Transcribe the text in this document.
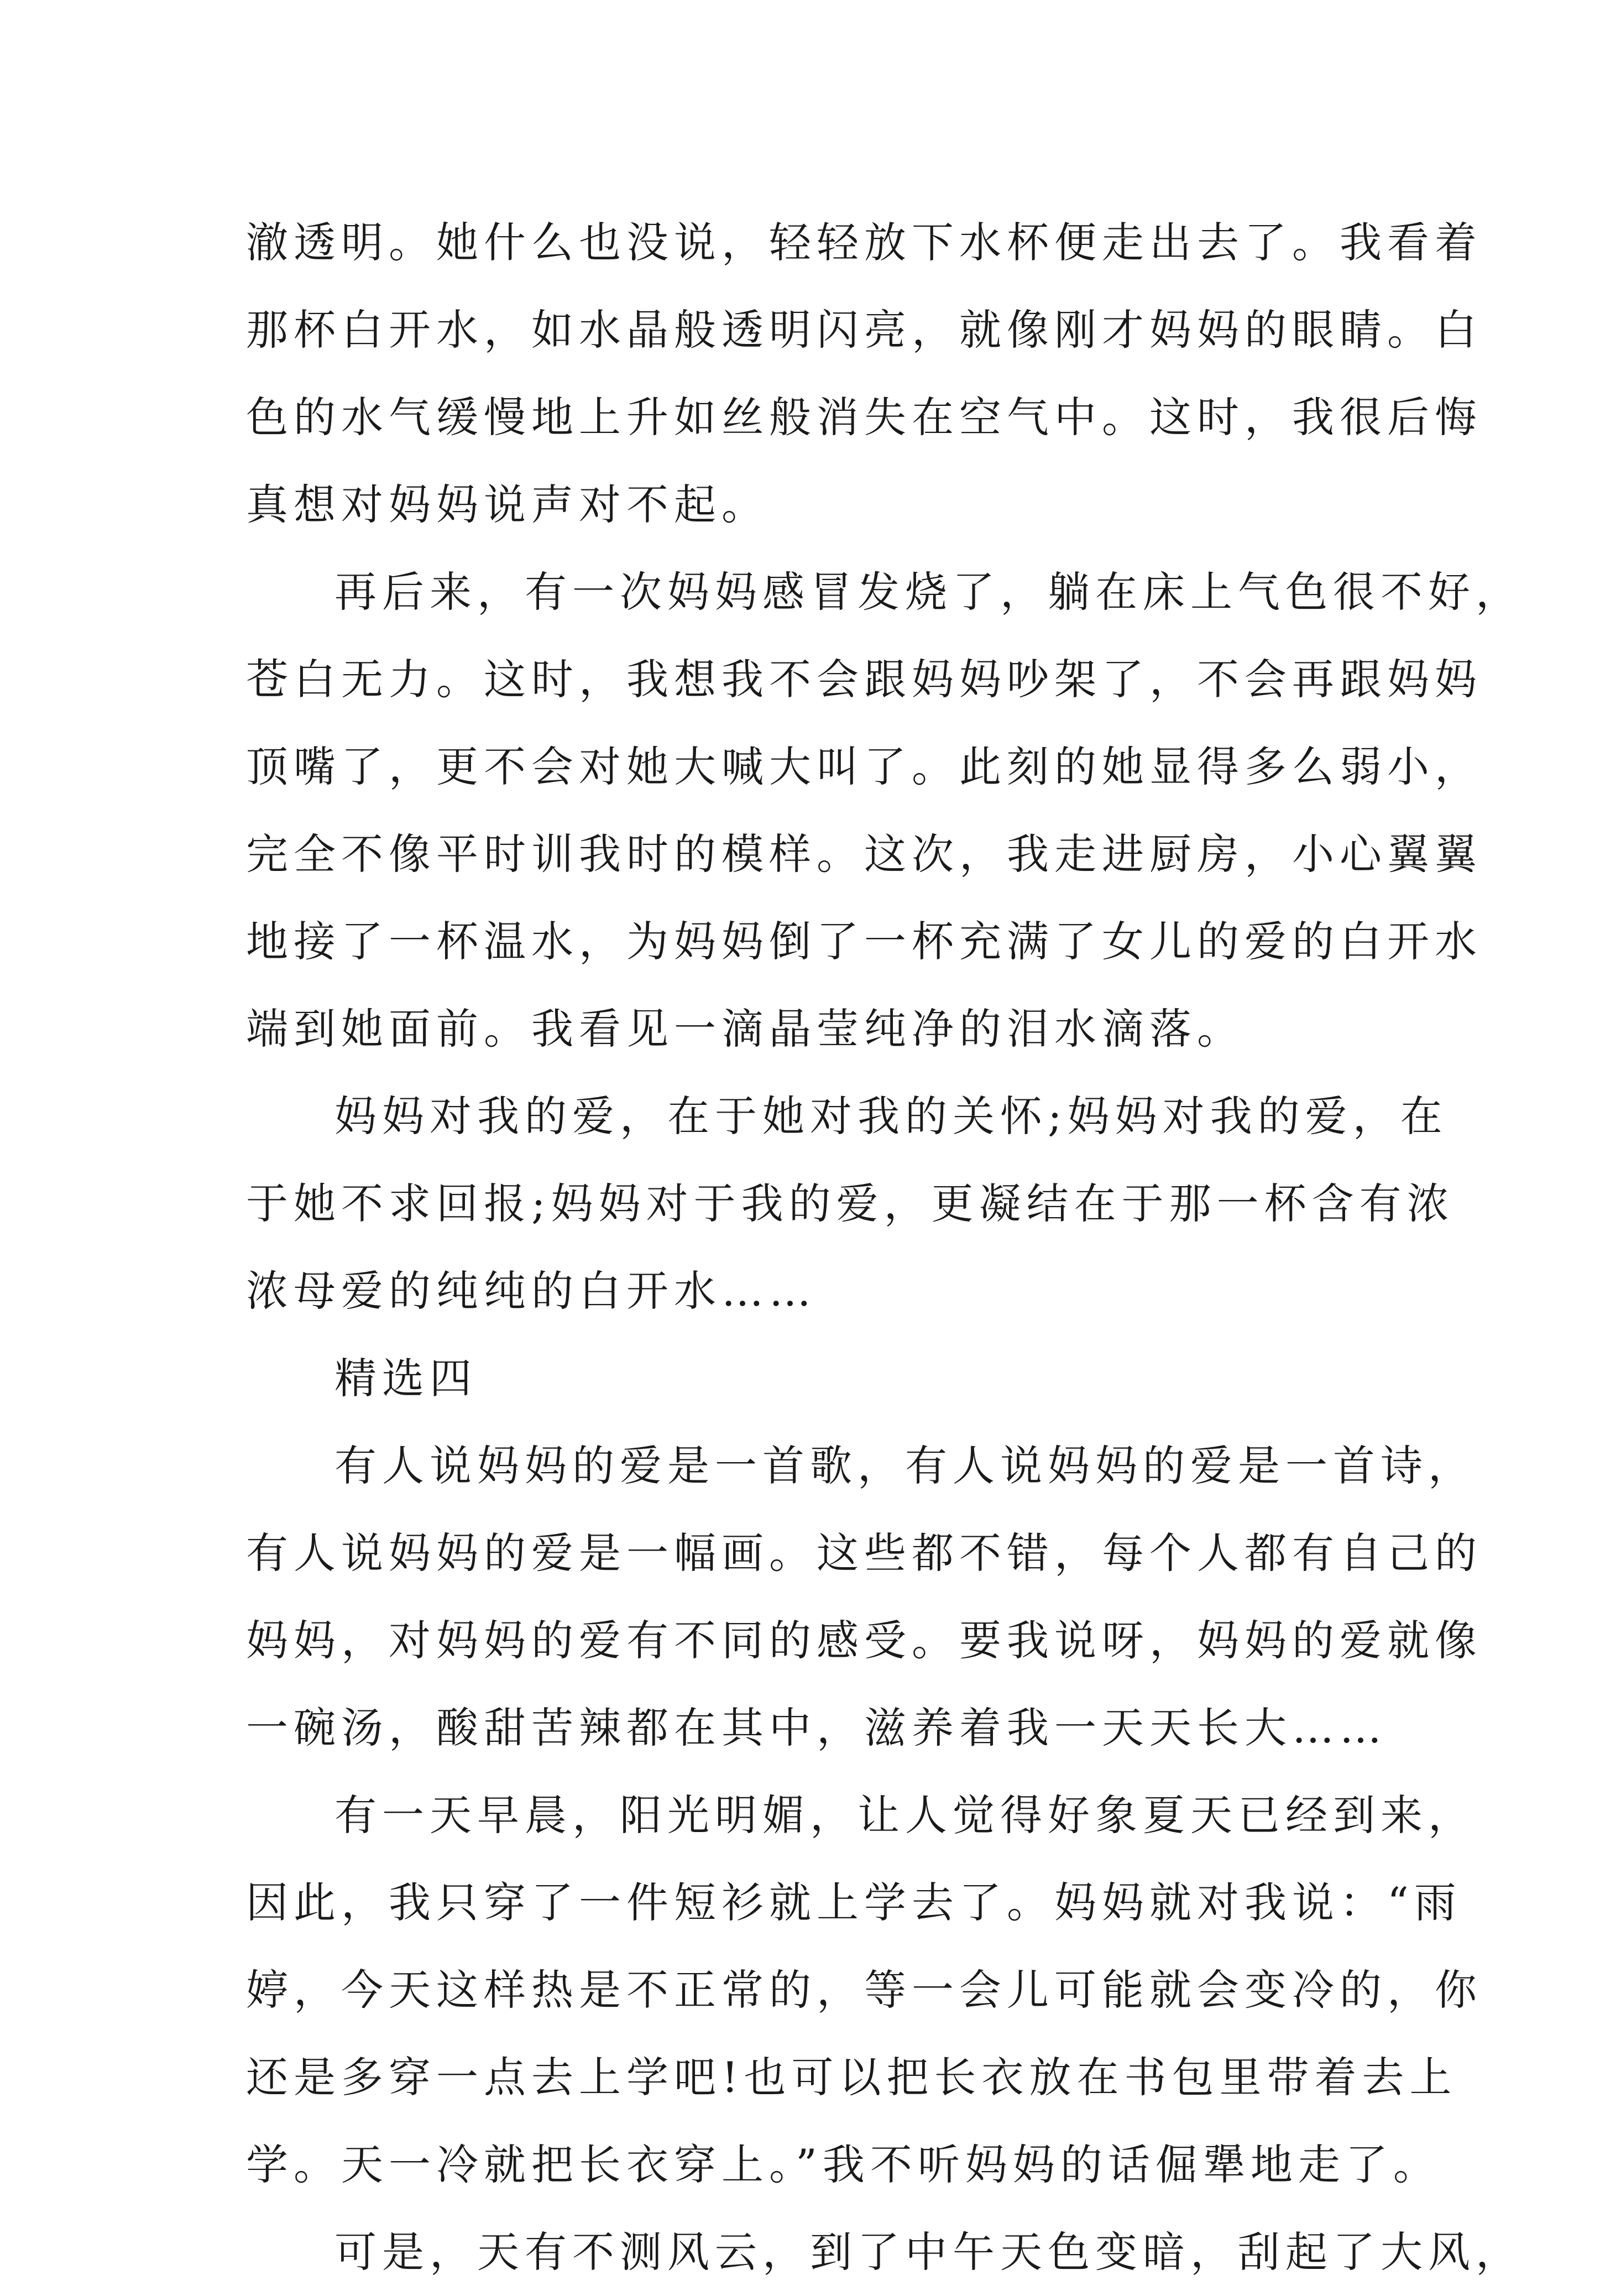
澈透明。她什么也没说，轻轻放下水杯便走出去了。我看着
那杯白开水，如水晶般透明闪亮，就像刚才妈妈的眼睛。白
色的水气缓慢地上升如丝般消失在空气中。这时，我很后悔
真想对妈妈说声对不起。
再后来，有一次妈妈感冒发烧了，躺在床上气色很不好，
苍白无力。这时，我想我不会跟妈妈吵架了，不会再跟妈妈
顶嘴了，更不会对她大喊大叫了。此刻的她显得多么弱小，
完全不像平时训我时的模样。这次，我走进厨房，小心翼翼
地接了一杯温水，为妈妈倒了一杯充满了女儿的爱的白开水
端到她面前。我看见一滴晶莹纯净的泪水滴落。
妈妈对我的爱，在于她对我的关怀;妈妈对我的爱，在
于她不求回报;妈妈对于我的爱，更凝结在于那一杯含有浓
浓母爱的纯纯的白开水……
精选四
有人说妈妈的爱是一首歌，有人说妈妈的爱是一首诗，
有人说妈妈的爱是一幅画。这些都不错，每个人都有自己的
妈妈，对妈妈的爱有不同的感受。要我说呀，妈妈的爱就像
一碗汤，酸甜苦辣都在其中，滋养着我一天天长大……
有一天早晨，阳光明媚，让人觉得好象夏天已经到来，
因此，我只穿了一件短衫就上学去了。妈妈就对我说：“雨
婷，今天这样热是不正常的，等一会儿可能就会变冷的，你
还是多穿一点去上学吧!也可以把长衣放在书包里带着去上
学。天一冷就把长衣穿上。”我不听妈妈的话倔犟地走了。
可是，天有不测风云，到了中午天色变暗，刮起了大风，
